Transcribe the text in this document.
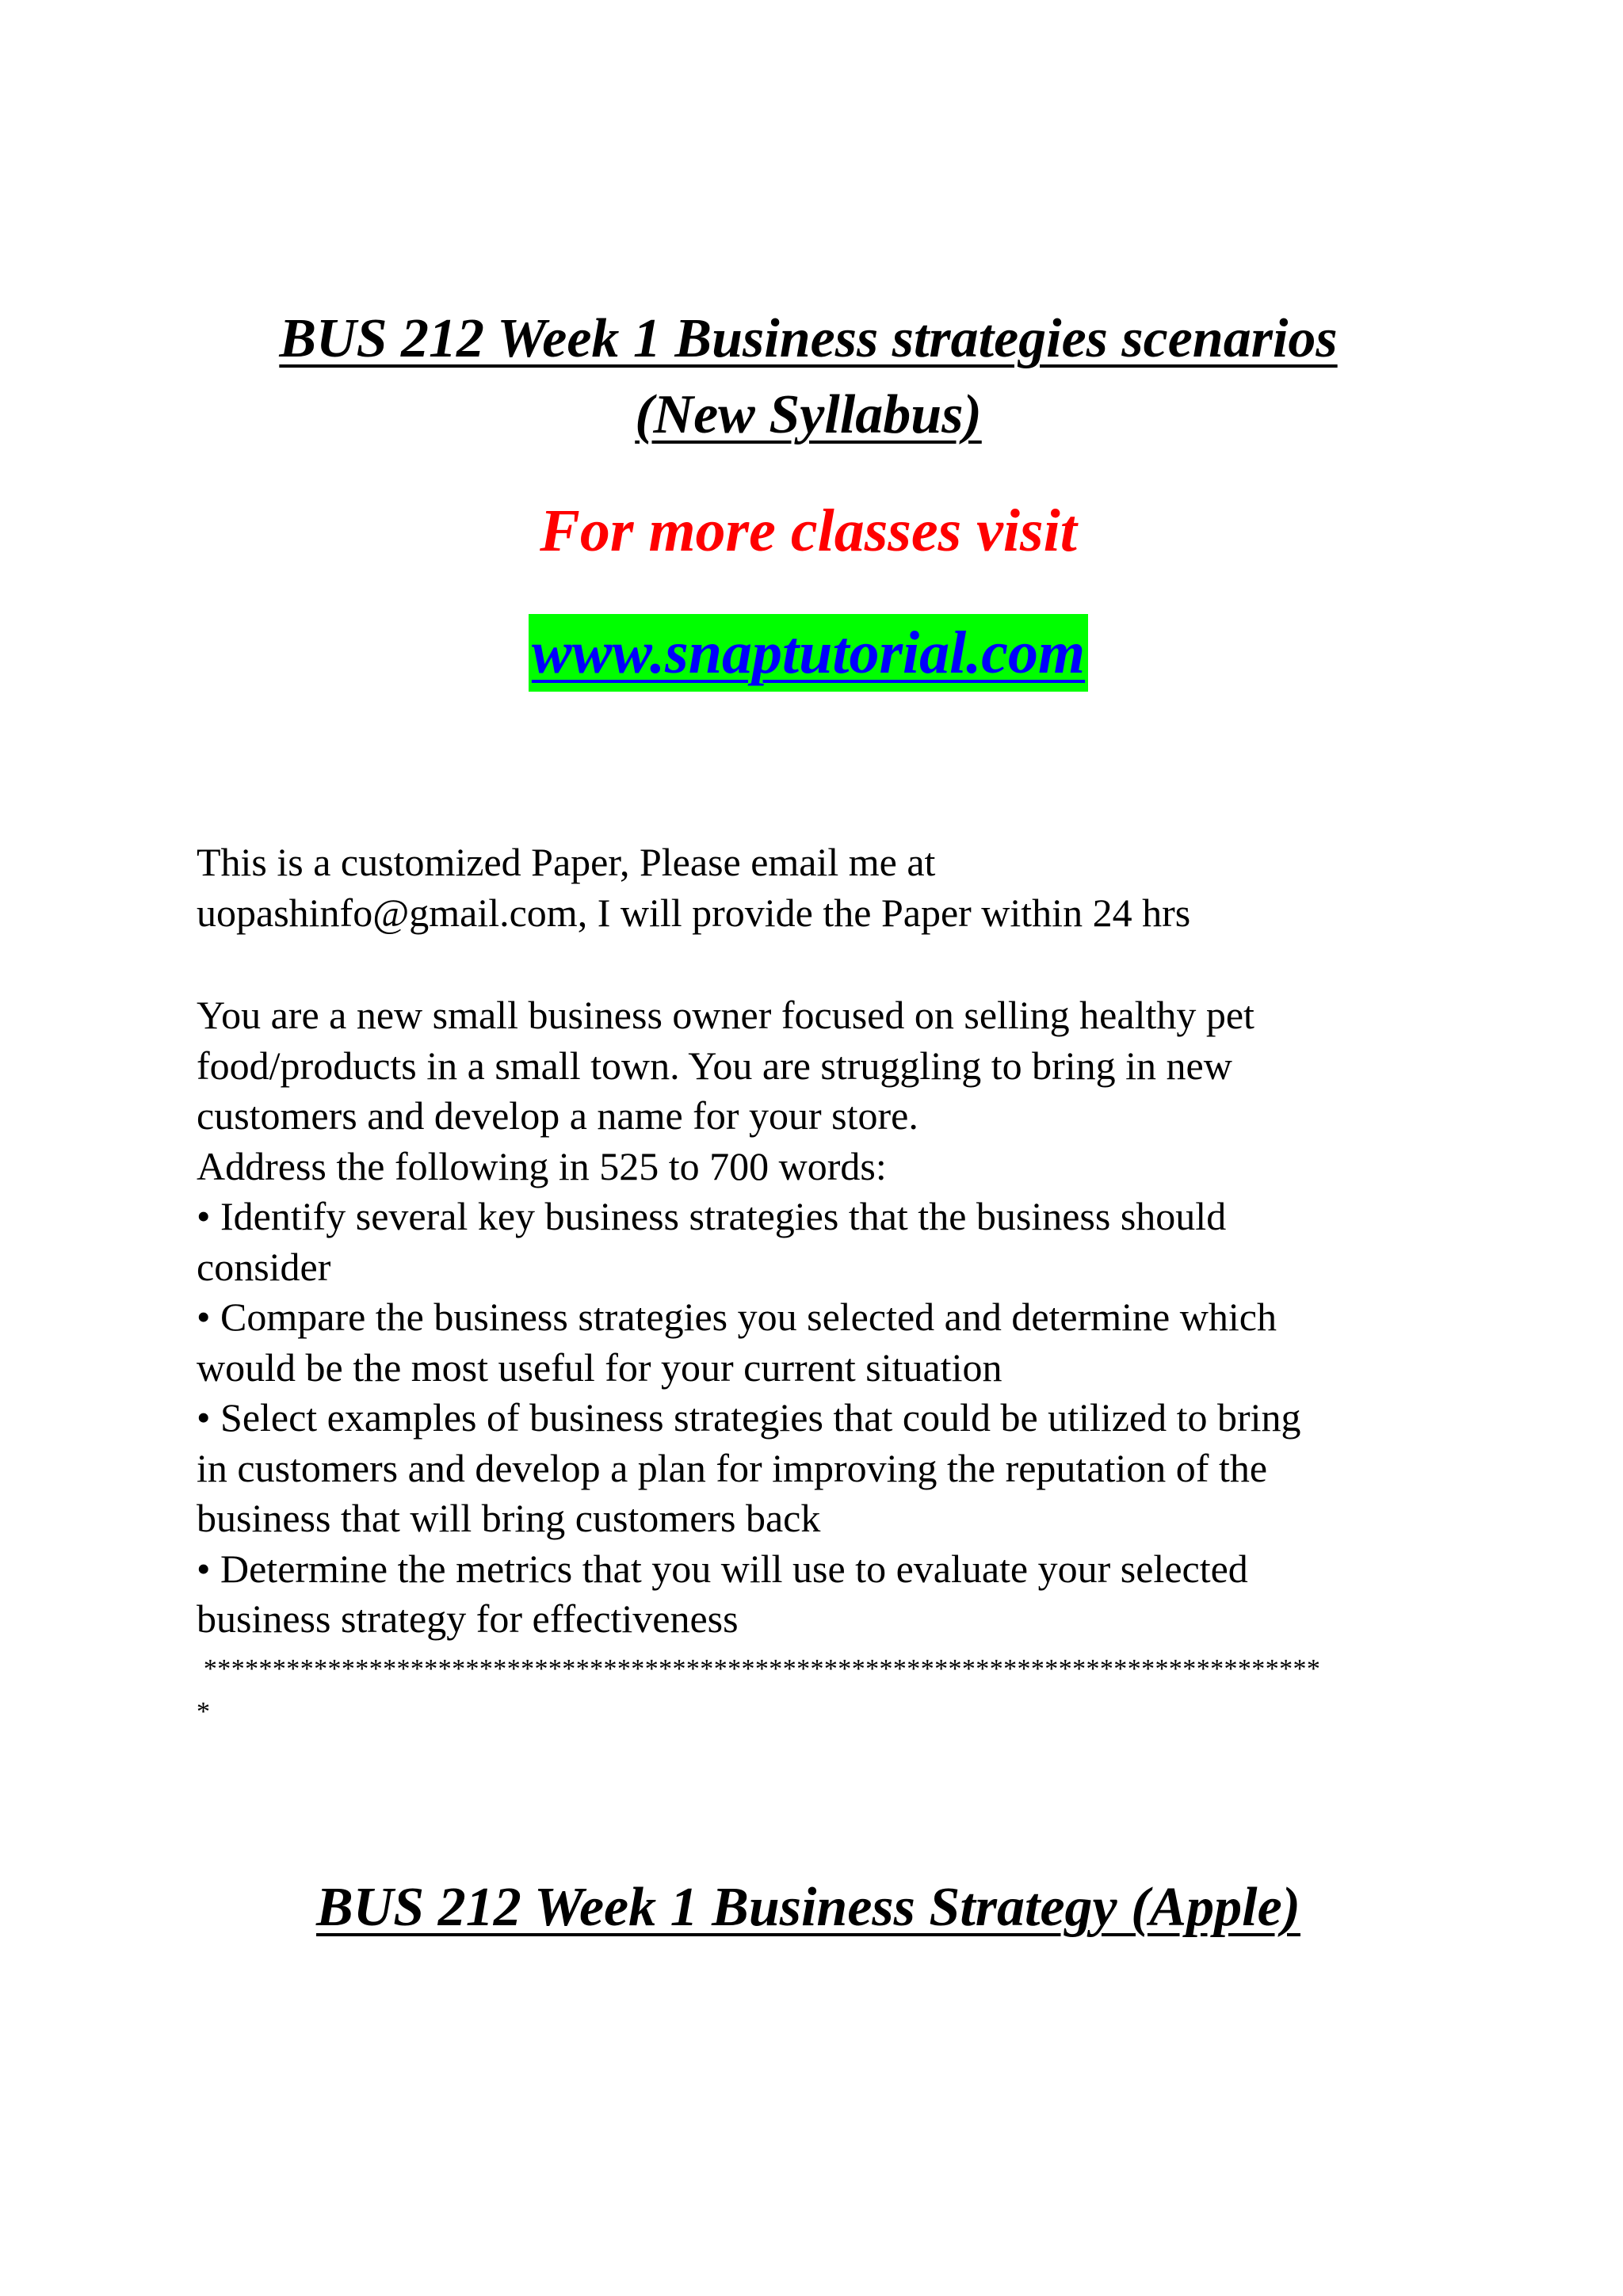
BUS 212 Week 1 Business strategies scenarios
(New Syllabus)

For more classes visit

www.snaptutorial.com

This is a customized Paper, Please email me at
uopashinfo@gmail.com, I will provide the Paper within 24 hrs

You are a new small business owner focused on selling healthy pet
food/products in a small town. You are struggling to bring in new
customers and develop a name for your store.
Address the following in 525 to 700 words:
• Identify several key business strategies that the business should
consider
• Compare the business strategies you selected and determine which
would be the most useful for your current situation
• Select examples of business strategies that could be utilized to bring
in customers and develop a plan for improving the reputation of the
business that will bring customers back
• Determine the metrics that you will use to evaluate your selected
business strategy for effectiveness

*********************************************************************************
*
BUS 212 Week 1 Business Strategy (Apple)
